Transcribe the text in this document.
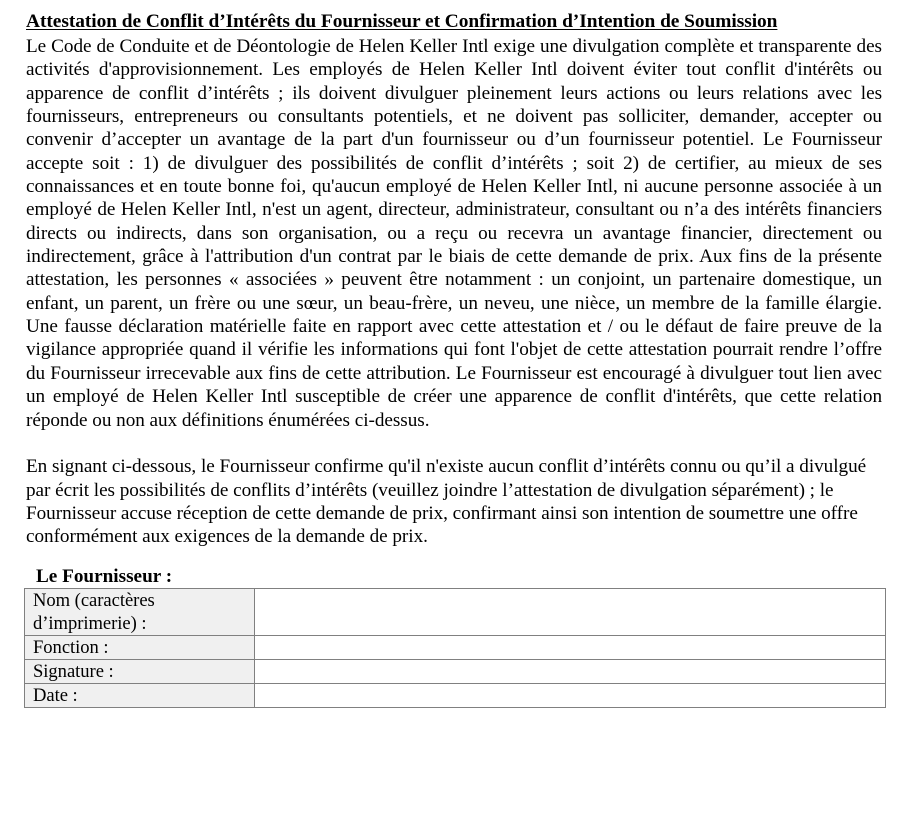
Attestation de Conflit d’Intérêts du Fournisseur et Confirmation d’Intention de Soumission

Le Code de Conduite et de Déontologie de Helen Keller Intl exige une divulgation complète et transparente des activités d'approvisionnement. Les employés de Helen Keller Intl doivent éviter tout conflit d'intérêts ou apparence de conflit d’intérêts ; ils doivent divulguer pleinement leurs actions ou leurs relations avec les fournisseurs, entrepreneurs ou consultants potentiels, et ne doivent pas solliciter, demander, accepter ou convenir d’accepter un avantage de la part d'un fournisseur ou d’un fournisseur potentiel. Le Fournisseur accepte soit : 1) de divulguer des possibilités de conflit d’intérêts ; soit 2) de certifier, au mieux de ses connaissances et en toute bonne foi, qu'aucun employé de Helen Keller Intl, ni aucune personne associée à un employé de Helen Keller Intl, n'est un agent, directeur, administrateur, consultant ou n’a des intérêts financiers directs ou indirects, dans son organisation, ou a reçu ou recevra un avantage financier, directement ou indirectement, grâce à l'attribution d'un contrat par le biais de cette demande de prix. Aux fins de la présente attestation, les personnes « associées » peuvent être notamment : un conjoint, un partenaire domestique, un enfant, un parent, un frère ou une sœur, un beau-frère, un neveu, une nièce, un membre de la famille élargie. Une fausse déclaration matérielle faite en rapport avec cette attestation et / ou le défaut de faire preuve de la vigilance appropriée quand il vérifie les informations qui font l'objet de cette attestation pourrait rendre l’offre du Fournisseur irrecevable aux fins de cette attribution. Le Fournisseur est encouragé à divulguer tout lien avec un employé de Helen Keller Intl susceptible de créer une apparence de conflit d'intérêts, que cette relation réponde ou non aux définitions énumérées ci-dessus.

En signant ci-dessous, le Fournisseur confirme qu'il n'existe aucun conflit d’intérêts connu ou qu’il a divulgué par écrit les possibilités de conflits d’intérêts (veuillez joindre l’attestation de divulgation séparément) ; le Fournisseur accuse réception de cette demande de prix, confirmant ainsi son intention de soumettre une offre conformément aux exigences de la demande de prix.

Le Fournisseur :
Nom (caractères
d’imprimerie) :	

Fonction :	

Signature :	

Date :	
